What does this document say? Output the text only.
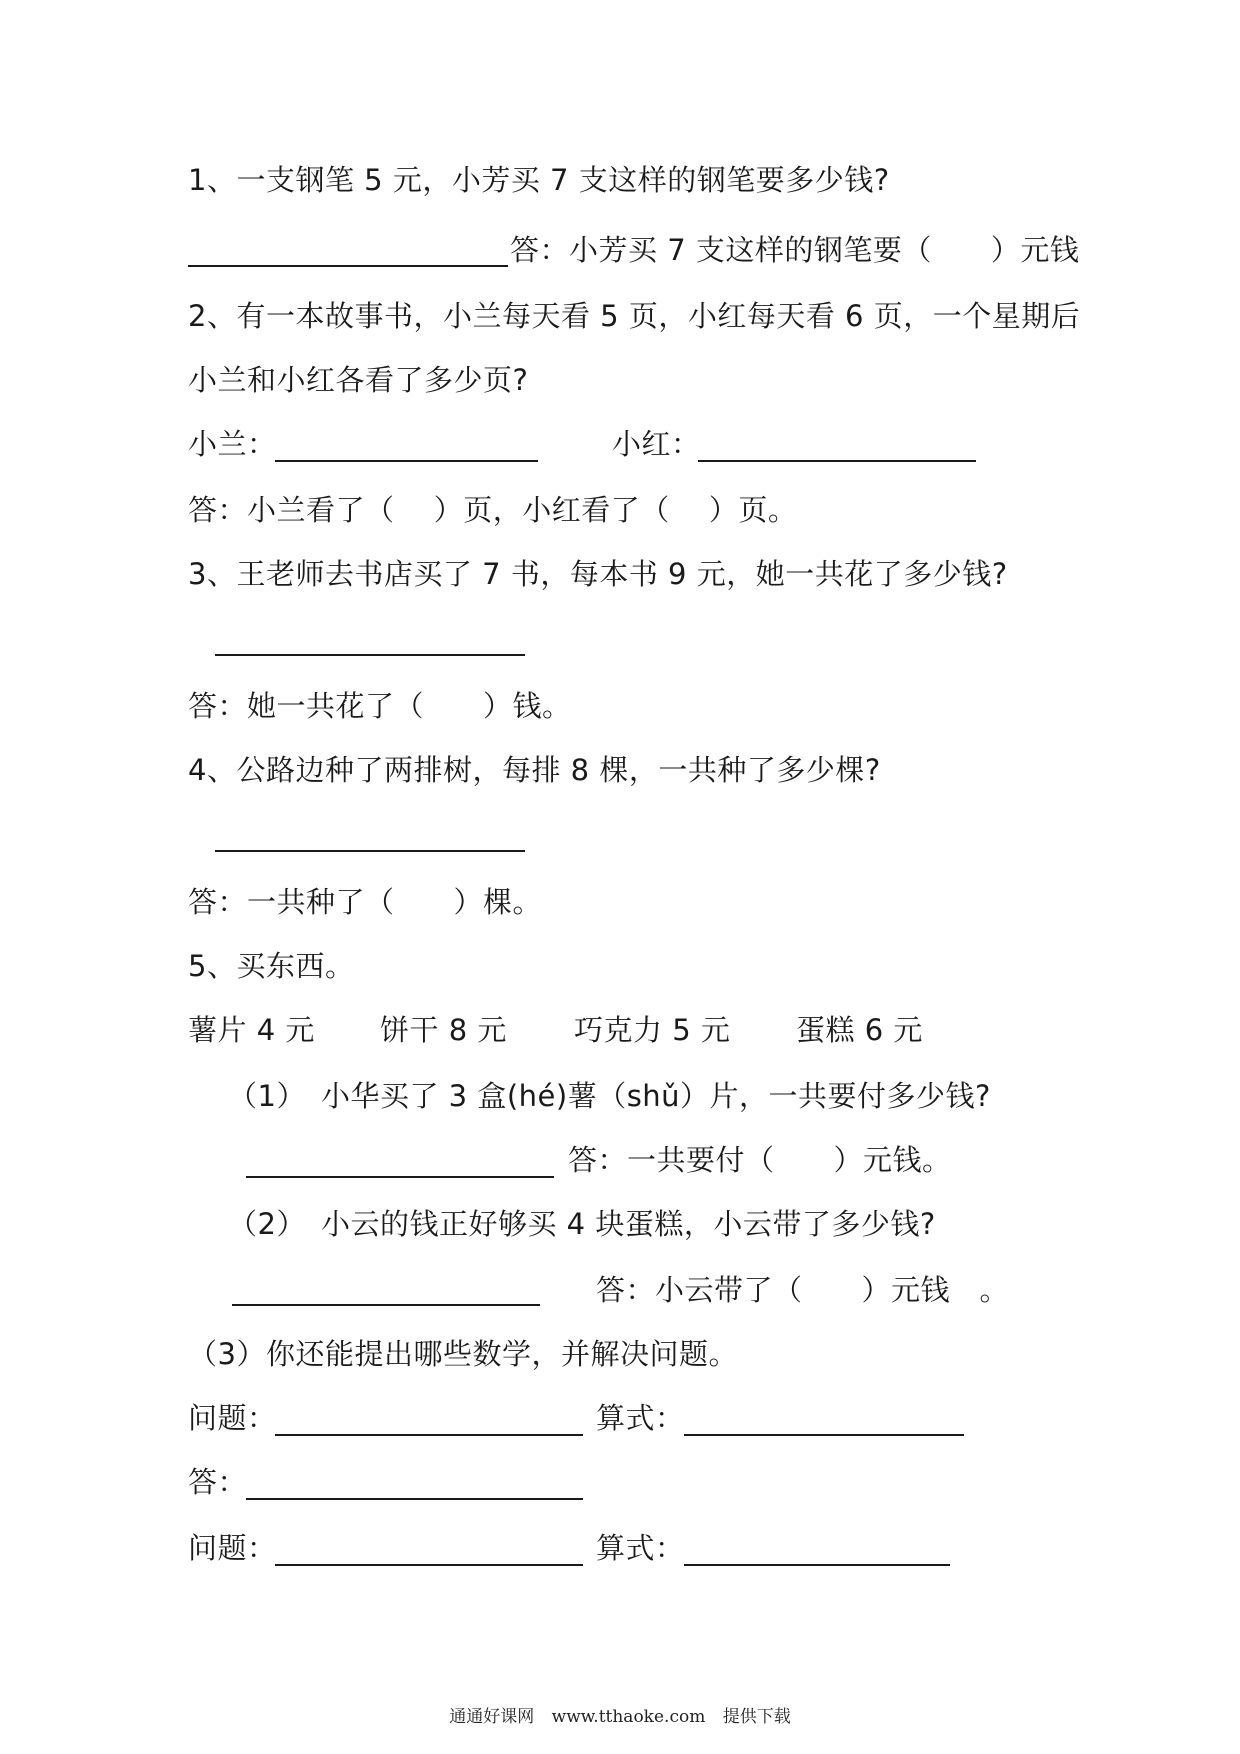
1、一支钢笔 5 元，小芳买 7 支这样的钢笔要多少钱?
答：小芳买 7 支这样的钢笔要（　　）元钱
2、有一本故事书，小兰每天看 5 页，小红每天看 6 页，一个星期后
小兰和小红各看了多少页?
小兰：	小红：
答：小兰看了（　 ）页，小红看了（　 ）页。
3、王老师去书店买了 7 书，每本书 9 元，她一共花了多少钱?
答：她一共花了（　　）钱。
4、公路边种了两排树，每排 8 棵，一共种了多少棵?
答：一共种了（　　）棵。
5、买东西。
薯片 4 元 饼干 8 元 巧克力 5 元 蛋糕 6 元
（1）　小华买了 3 盒(hé)薯（shǔ）片，一共要付多少钱?
答：一共要付（　　）元钱。
（2）　小云的钱正好够买 4 块蛋糕，小云带了多少钱?
答：小云带了（　　）元钱　。
（3）你还能提出哪些数学，并解决问题。
问题：	算式：
答：
问题：	算式：
通通好课网 www.tthaoke.com 提供下载
